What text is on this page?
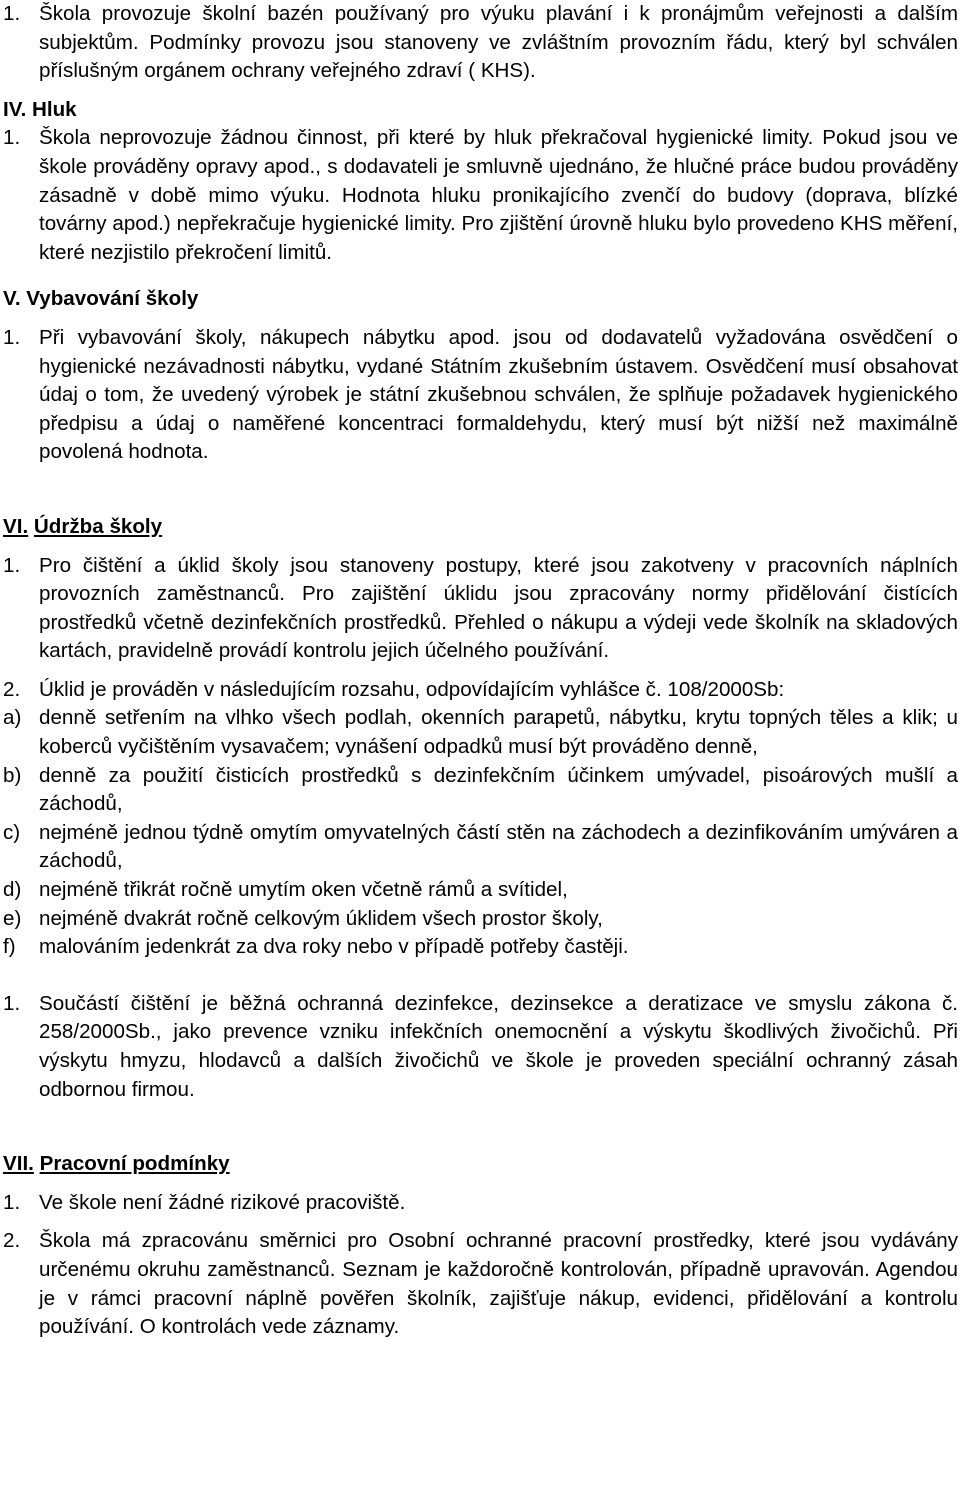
1. Škola provozuje školní bazén používaný pro výuku plavání i k pronájmům veřejnosti a dalším subjektům. Podmínky provozu jsou stanoveny ve zvláštním provozním řádu, který byl schválen příslušným orgánem ochrany veřejného zdraví ( KHS).
IV. Hluk
1. Škola neprovozuje žádnou činnost, při které by hluk překračoval hygienické limity. Pokud jsou ve škole prováděny opravy apod., s dodavateli je smluvně ujednáno, že hlučné práce budou prováděny zásadně v době mimo výuku. Hodnota hluku pronikajícího zvenčí do budovy (doprava, blízké továrny apod.) nepřekračuje hygienické limity. Pro zjištění úrovně hluku bylo provedeno KHS měření, které nezjistilo překročení limitů.
V. Vybavování školy
1. Při vybavování školy, nákupech nábytku apod. jsou od dodavatelů vyžadována osvědčení o hygienické nezávadnosti nábytku, vydané Státním zkušebním ústavem. Osvědčení musí obsahovat údaj o tom, že uvedený výrobek je státní zkušebnou schválen, že splňuje požadavek hygienického předpisu a údaj o naměřené koncentraci formaldehydu, který musí být nižší než maximálně povolená hodnota.
VI. Údržba školy
1. Pro čištění a úklid školy jsou stanoveny postupy, které jsou zakotveny v pracovních náplních provozních zaměstnanců. Pro zajištění úklidu jsou zpracovány normy přidělování čistících prostředků včetně dezinfekčních prostředků. Přehled o nákupu a výdeji vede školník na skladových kartách, pravidelně provádí kontrolu jejich účelného používání.
2. Úklid je prováděn v následujícím rozsahu, odpovídajícím vyhlášce č. 108/2000Sb:
a) denně setřením na vlhko všech podlah, okenních parapetů, nábytku, krytu topných těles a klik; u koberců vyčištěním vysavačem; vynášení odpadků musí být prováděno denně,
b) denně za použití čisticích prostředků s dezinfekčním účinkem umývadel, pisoárových mušlí a záchodů,
c) nejméně jednou týdně omytím omyvatelných částí stěn na záchodech a dezinfikováním umýváren a záchodů,
d) nejméně třikrát ročně umytím oken včetně rámů a svítidel,
e) nejméně dvakrát ročně celkovým úklidem všech prostor školy,
f) malováním jedenkrát za dva roky nebo v případě potřeby častěji.
1. Součástí čištění je běžná ochranná dezinfekce, dezinsekce a deratizace ve smyslu zákona č. 258/2000Sb., jako prevence vzniku infekčních onemocnění a výskytu škodlivých živočichů. Při výskytu hmyzu, hlodavců a dalších živočichů ve škole je proveden speciální ochranný zásah odbornou firmou.
VII. Pracovní podmínky
1. Ve škole není žádné rizikové pracoviště.
2. Škola má zpracovánu směrnici pro Osobní ochranné pracovní prostředky, které jsou vydávány určenému okruhu zaměstnanců. Seznam je každoročně kontrolován, případně upravován. Agendou je v rámci pracovní náplně pověřen školník, zajišťuje nákup, evidenci, přidělování a kontrolu používání. O kontrolách vede záznamy.
